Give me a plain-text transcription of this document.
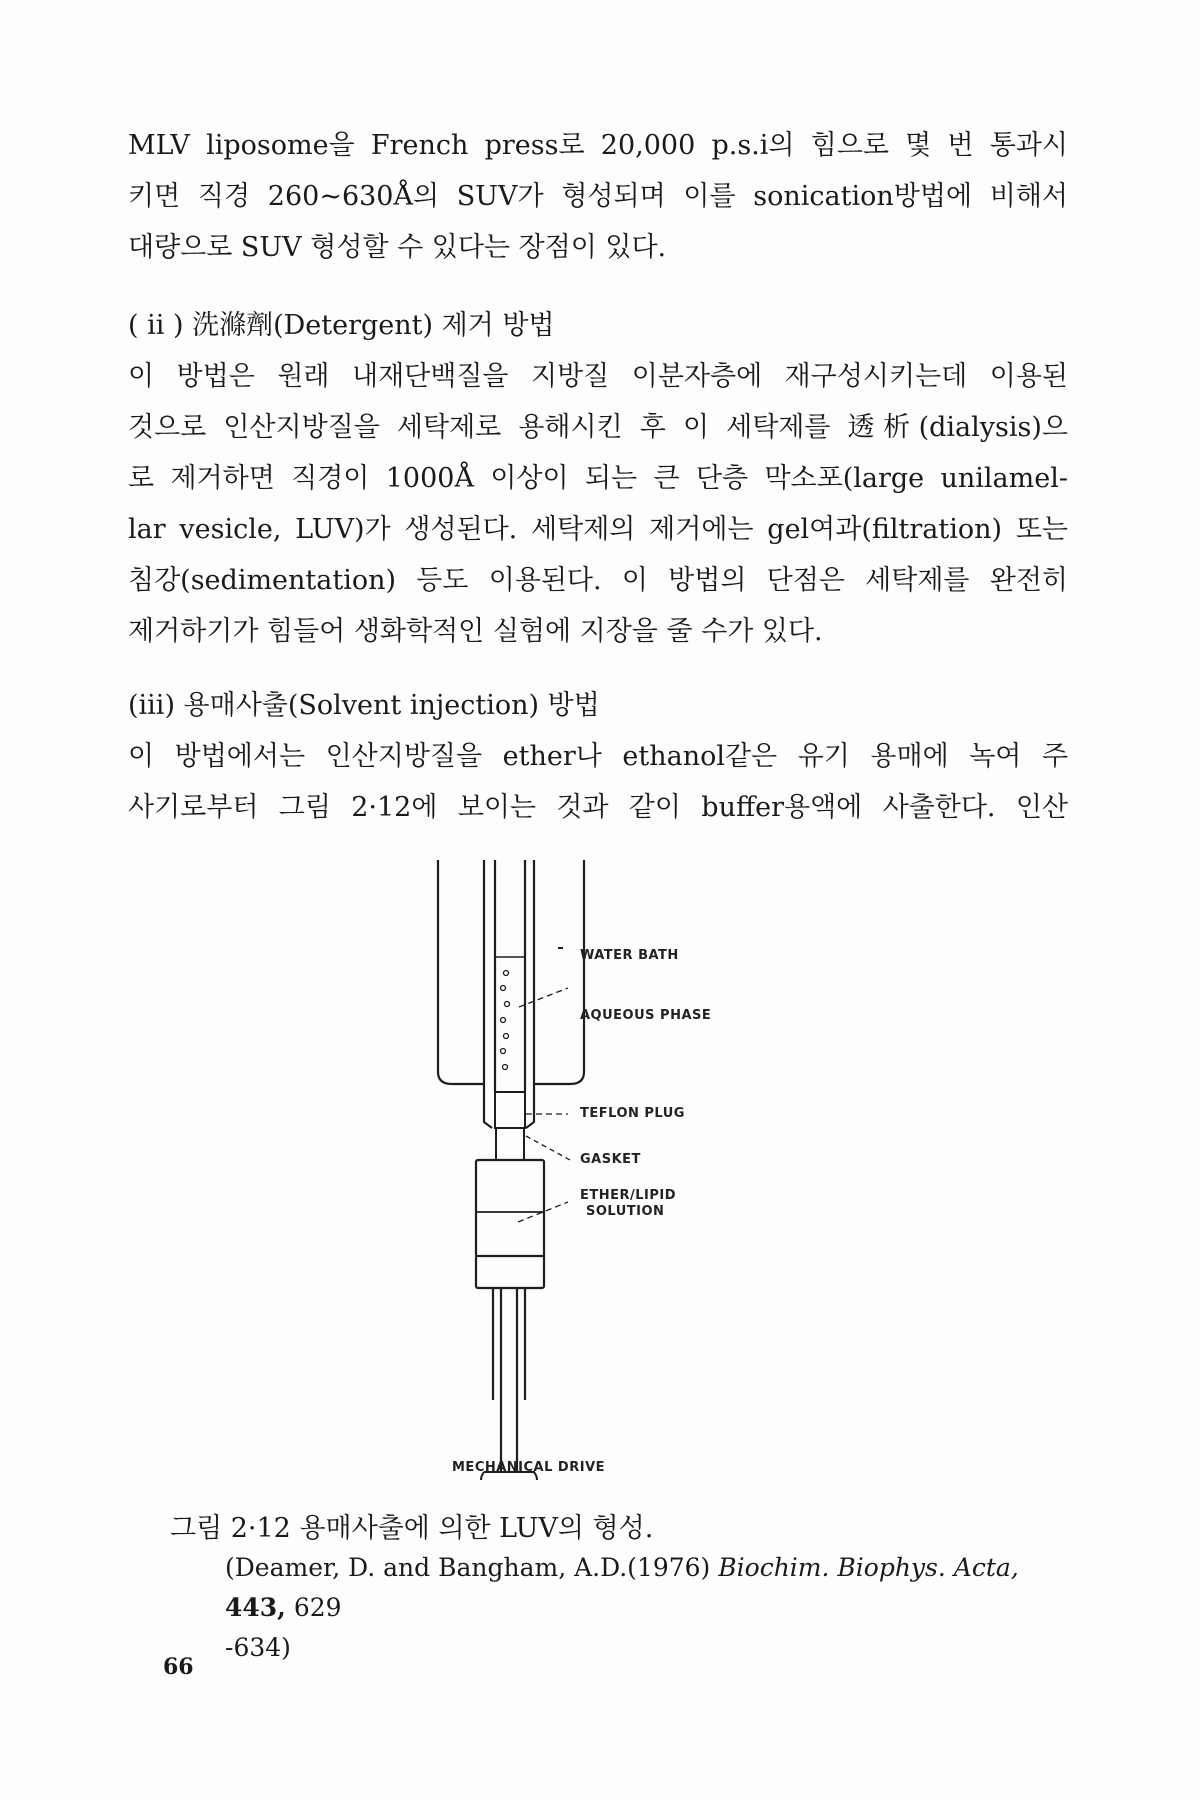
MLV liposome을 French press로 20,000 p.s.i의 힘으로 몇 번 통과시
키면 직경 260~630Å의 SUV가 형성되며 이를 sonication방법에 비해서
대량으로 SUV 형성할 수 있다는 장점이 있다.
( ii ) 洗滌劑(Detergent) 제거 방법
이 방법은 원래 내재단백질을 지방질 이분자층에 재구성시키는데 이용된
것으로 인산지방질을 세탁제로 용해시킨 후 이 세탁제를 透析(dialysis)으
로 제거하면 직경이 1000Å 이상이 되는 큰 단층 막소포(large unilamel-
lar vesicle, LUV)가 생성된다. 세탁제의 제거에는 gel여과(filtration) 또는
침강(sedimentation) 등도 이용된다. 이 방법의 단점은 세탁제를 완전히
제거하기가 힘들어 생화학적인 실험에 지장을 줄 수가 있다.
(iii) 용매사출(Solvent injection) 방법
이 방법에서는 인산지방질을 ether나 ethanol같은 유기 용매에 녹여 주
사기로부터 그림 2·12에 보이는 것과 같이 buffer용액에 사출한다. 인산
WATER BATH
AQUEOUS PHASE
TEFLON PLUG
GASKET
ETHER/LIPID
SOLUTION
MECHANICAL DRIVE
그림 2·12 용매사출에 의한 LUV의 형성.
(Deamer, D. and Bangham, A.D.(1976) Biochim. Biophys. Acta, 443, 629
-634)
66
